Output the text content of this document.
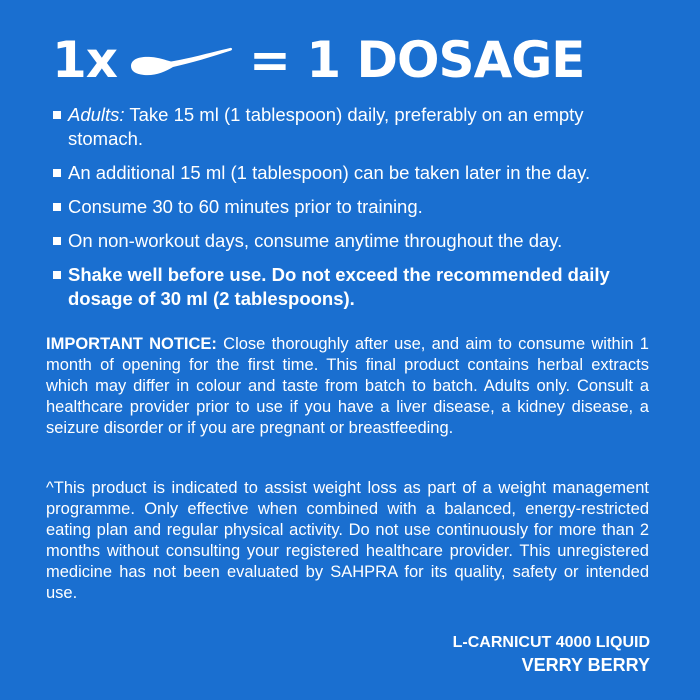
1x	= 1 DOSAGE
Adults: Take 15 ml (1 tablespoon) daily, preferably on an empty stomach.
An additional 15 ml (1 tablespoon) can be taken later in the day.
Consume 30 to 60 minutes prior to training.
On non-workout days, consume anytime throughout the day.
Shake well before use. Do not exceed the recommended daily dosage of 30 ml (2 tablespoons).

IMPORTANT NOTICE: Close thoroughly after use, and aim to consume within 1 month of opening for the first time. This final product contains herbal extracts which may differ in colour and taste from batch to batch. Adults only. Consult a healthcare provider prior to use if you have a liver disease, a kidney disease, a seizure disorder or if you are pregnant or breastfeeding.

^This product is indicated to assist weight loss as part of a weight management programme. Only effective when combined with a balanced, energy-restricted eating plan and regular physical activity. Do not use continuously for more than 2 months without consulting your registered healthcare provider. This unregistered medicine has not been evaluated by SAHPRA for its quality, safety or intended use.

L-CARNICUT 4000 LIQUID
VERRY BERRY
